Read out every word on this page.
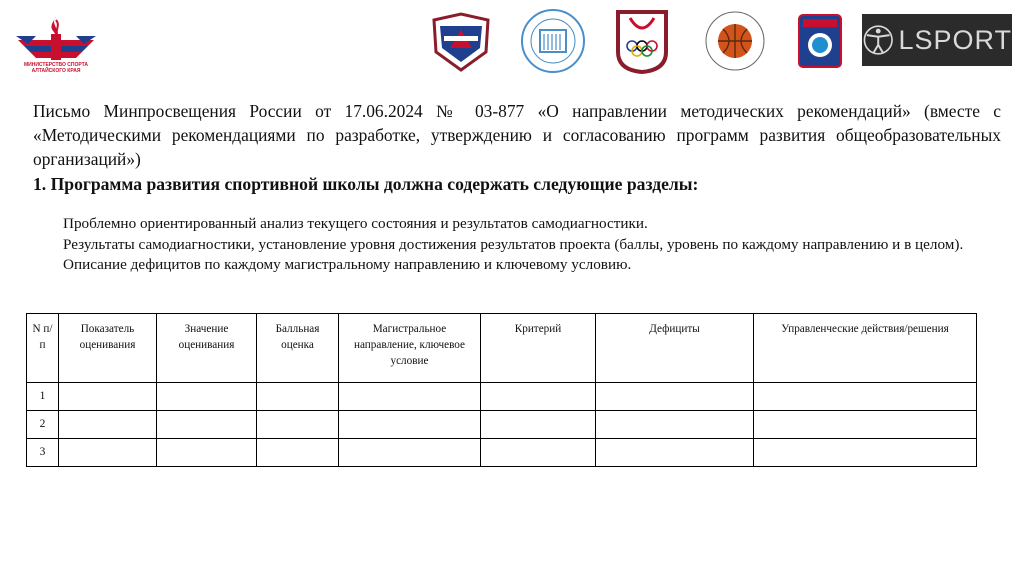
МИНИСТЕРСТВО СПОРТА
АЛТАЙСКОГО КРАЯ
LSPORT
Письмо Минпросвещения России от 17.06.2024 № 03-877 «О направлении методических рекомендаций» (вместе с «Методическими рекомендациями по разработке, утверждению и согласованию программ развития общеобразовательных организаций»)
1. Программа развития спортивной школы должна содержать следующие разделы:

Проблемно ориентированный анализ текущего состояния и результатов самодиагностики.

Результаты самодиагностики, установление уровня достижения результатов проекта (баллы, уровень по каждому направлению и в целом).

Описание дефицитов по каждому магистральному направлению и ключевому условию.

N п/п	Показатель оценивания	Значение оценивания	Балльная оценка	Магистральное направление, ключевое условие	Критерий	Дефициты	Управленческие действия/решения
1							
2							
3							
